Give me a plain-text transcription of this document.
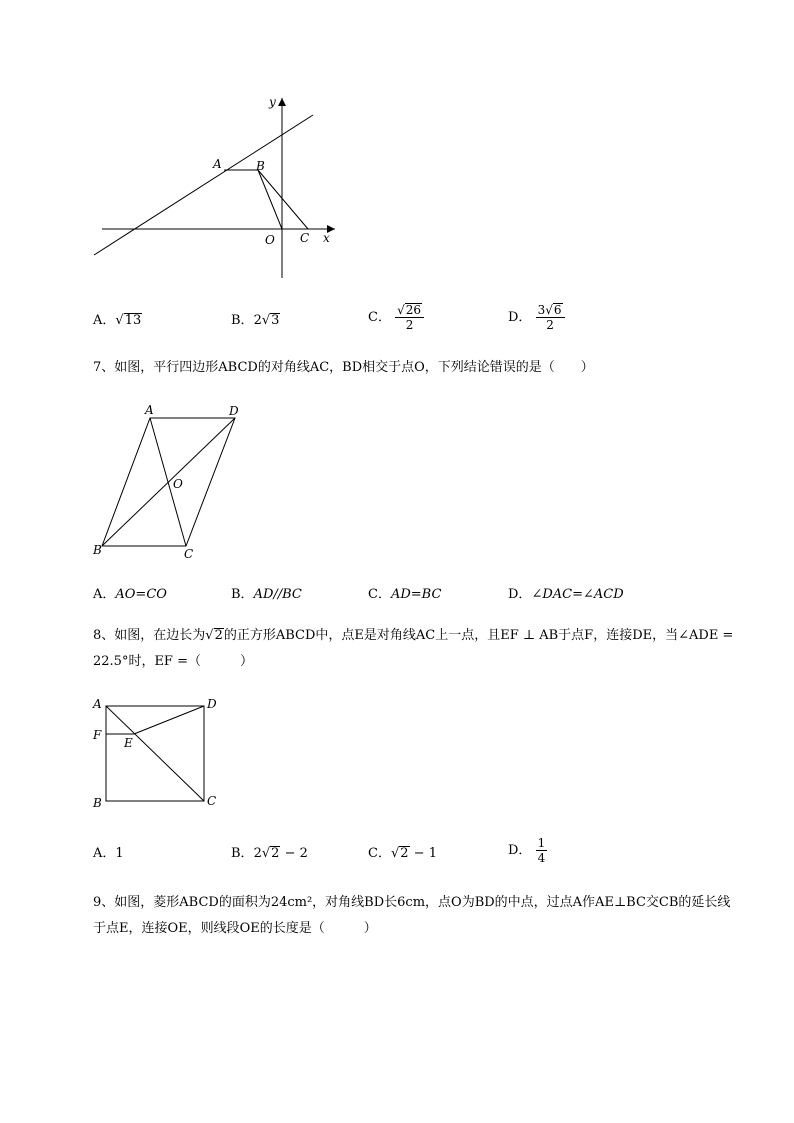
y
x
A	B
O C
A．√13	B．2√3	C． $\frac{√26}{2}$	D． $\frac{3√6}{2}$
7、如图，平行四边形ABCD的对角线AC，BD相交于点O，下列结论错误的是（　　）
A	D
O
B	C
A．AO=CO	B．AD//BC	C．AD=BC	D．∠DAC=∠ACD
8、如图，在边长为√2的正方形ABCD中，点E是对角线AC上一点，且EF ⊥ AB于点F，连接DE，当∠ADE = 22.5°时，EF =（　　　）
A	D
F
E
B	C
A．1	B．2√2 − 2	C．√2 − 1	D． $\frac{1}{4}$
9、如图，菱形ABCD的面积为24cm²，对角线BD长6cm，点O为BD的中点，过点A作AE⊥BC交CB的延长线于点E，连接OE，则线段OE的长度是（　　　）
